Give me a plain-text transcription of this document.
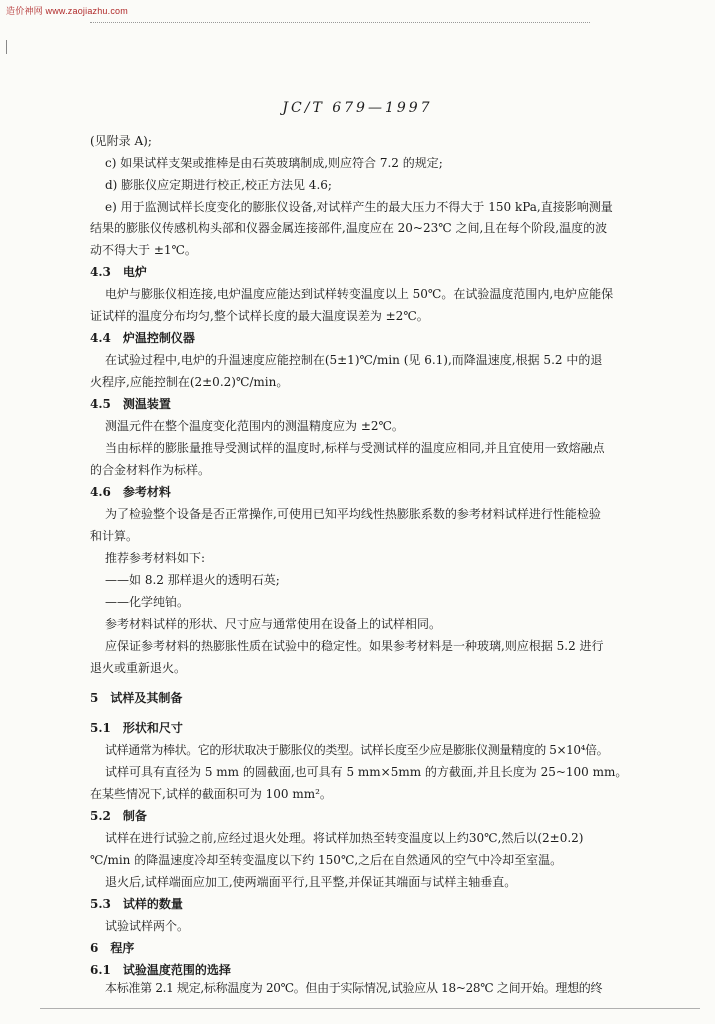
造价神网 www.zaojiazhu.com
JC/T 679—1997
(见附录 A);
c) 如果试样支架或推棒是由石英玻璃制成,则应符合 7.2 的规定;
d) 膨胀仪应定期进行校正,校正方法见 4.6;
e) 用于监测试样长度变化的膨胀仪设备,对试样产生的最大压力不得大于 150 kPa,直接影响测量
结果的膨胀仪传感机构头部和仪器金属连接部件,温度应在 20~23℃ 之间,且在每个阶段,温度的波
动不得大于 ±1℃。
4.3　电炉
电炉与膨胀仪相连接,电炉温度应能达到试样转变温度以上 50℃。在试验温度范围内,电炉应能保
证试样的温度分布均匀,整个试样长度的最大温度误差为 ±2℃。
4.4　炉温控制仪器
在试验过程中,电炉的升温速度应能控制在(5±1)℃/min (见 6.1),而降温速度,根据 5.2 中的退
火程序,应能控制在(2±0.2)℃/min。
4.5　测温装置
测温元件在整个温度变化范围内的测温精度应为 ±2℃。
当由标样的膨胀量推导受测试样的温度时,标样与受测试样的温度应相同,并且宜使用一致熔融点
的合金材料作为标样。
4.6　参考材料
为了检验整个设备是否正常操作,可使用已知平均线性热膨胀系数的参考材料试样进行性能检验
和计算。
推荐参考材料如下:
——如 8.2 那样退火的透明石英;
——化学纯铂。
参考材料试样的形状、尺寸应与通常使用在设备上的试样相同。
应保证参考材料的热膨胀性质在试验中的稳定性。如果参考材料是一种玻璃,则应根据 5.2 进行
退火或重新退火。
5　试样及其制备
5.1　形状和尺寸
试样通常为棒状。它的形状取决于膨胀仪的类型。试样长度至少应是膨胀仪测量精度的 5×10⁴倍。
试样可具有直径为 5 mm 的圆截面,也可具有 5 mm×5mm 的方截面,并且长度为 25~100 mm。
在某些情况下,试样的截面积可为 100 mm²。
5.2　制备
试样在进行试验之前,应经过退火处理。将试样加热至转变温度以上约30℃,然后以(2±0.2)
℃/min 的降温速度冷却至转变温度以下约 150℃,之后在自然通风的空气中冷却至室温。
退火后,试样端面应加工,使两端面平行,且平整,并保证其端面与试样主轴垂直。
5.3　试样的数量
试验试样两个。
6　程序
6.1　试验温度范围的选择
本标准第 2.1 规定,标称温度为 20℃。但由于实际情况,试验应从 18~28℃ 之间开始。理想的终
